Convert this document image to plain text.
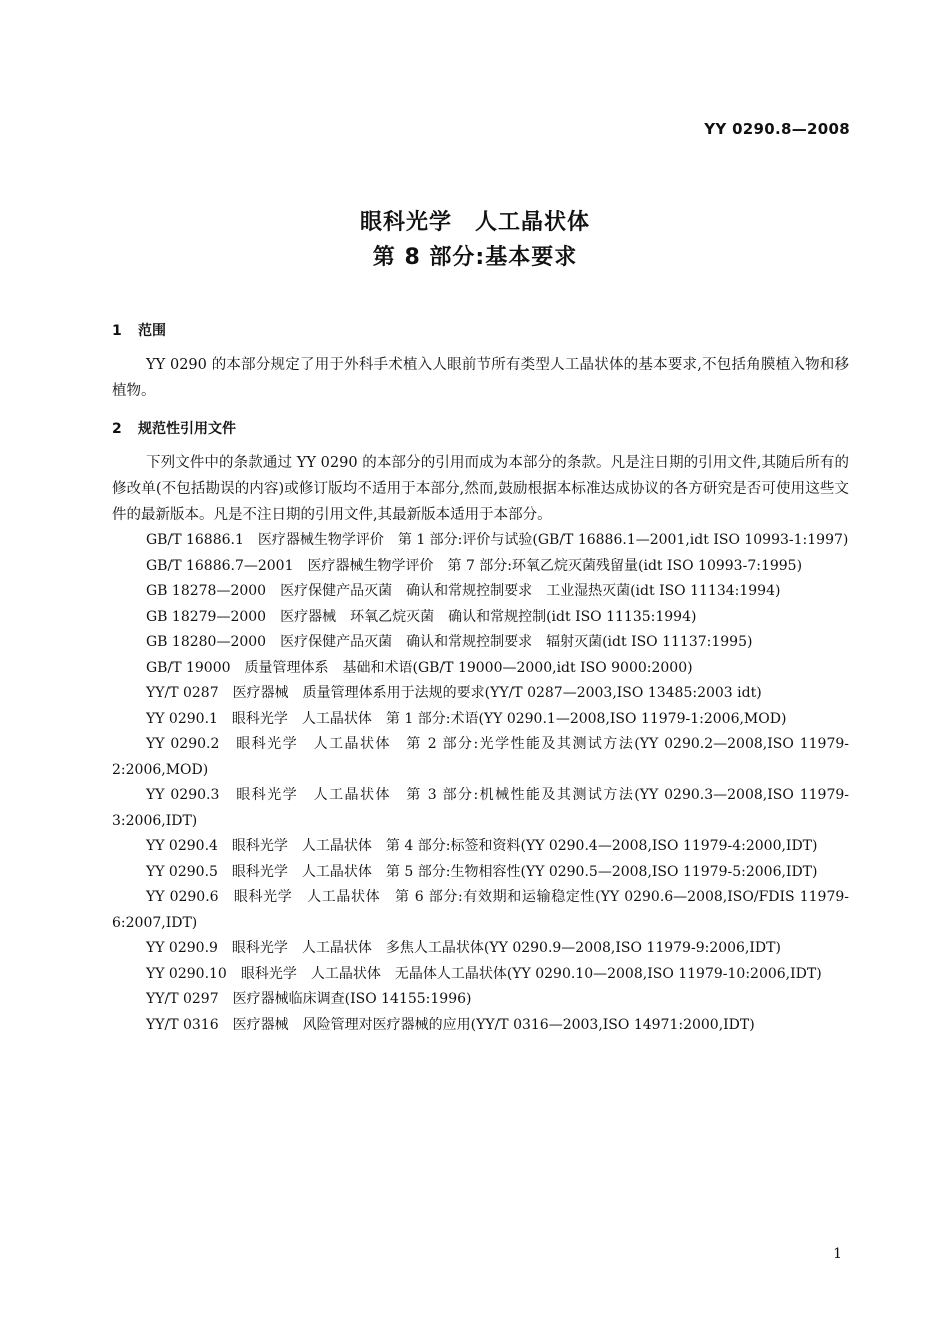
YY 0290.8—2008
眼科光学　人工晶状体
第 8 部分:基本要求
1 范围

YY 0290 的本部分规定了用于外科手术植入人眼前节所有类型人工晶状体的基本要求,不包括角膜植入物和移植物。

2 规范性引用文件

下列文件中的条款通过 YY 0290 的本部分的引用而成为本部分的条款。凡是注日期的引用文件,其随后所有的修改单(不包括勘误的内容)或修订版均不适用于本部分,然而,鼓励根据本标准达成协议的各方研究是否可使用这些文件的最新版本。凡是不注日期的引用文件,其最新版本适用于本部分。

GB/T 16886.1　医疗器械生物学评价　第 1 部分:评价与试验(GB/T 16886.1—2001,idt ISO 10993-1:1997)

GB/T 16886.7—2001　医疗器械生物学评价　第 7 部分:环氧乙烷灭菌残留量(idt ISO 10993-7:1995)

GB 18278—2000　医疗保健产品灭菌　确认和常规控制要求　工业湿热灭菌(idt ISO 11134:1994)

GB 18279—2000　医疗器械　环氧乙烷灭菌　确认和常规控制(idt ISO 11135:1994)

GB 18280—2000　医疗保健产品灭菌　确认和常规控制要求　辐射灭菌(idt ISO 11137:1995)

GB/T 19000　质量管理体系　基础和术语(GB/T 19000—2000,idt ISO 9000:2000)

YY/T 0287　医疗器械　质量管理体系用于法规的要求(YY/T 0287—2003,ISO 13485:2003 idt)

YY 0290.1　眼科光学　人工晶状体　第 1 部分:术语(YY 0290.1—2008,ISO 11979-1:2006,MOD)

YY 0290.2　眼科光学　人工晶状体　第 2 部分:光学性能及其测试方法(YY 0290.2—2008,ISO 11979-2:2006,MOD)

YY 0290.3　眼科光学　人工晶状体　第 3 部分:机械性能及其测试方法(YY 0290.3—2008,ISO 11979-3:2006,IDT)

YY 0290.4　眼科光学　人工晶状体　第 4 部分:标签和资料(YY 0290.4—2008,ISO 11979-4:2000,IDT)

YY 0290.5　眼科光学　人工晶状体　第 5 部分:生物相容性(YY 0290.5—2008,ISO 11979-5:2006,IDT)

YY 0290.6　眼科光学　人工晶状体　第 6 部分:有效期和运输稳定性(YY 0290.6—2008,ISO/FDIS 11979-6:2007,IDT)

YY 0290.9　眼科光学　人工晶状体　多焦人工晶状体(YY 0290.9—2008,ISO 11979-9:2006,IDT)

YY 0290.10　眼科光学　人工晶状体　无晶体人工晶状体(YY 0290.10—2008,ISO 11979-10:2006,IDT)

YY/T 0297　医疗器械临床调查(ISO 14155:1996)

YY/T 0316　医疗器械　风险管理对医疗器械的应用(YY/T 0316—2003,ISO 14971:2000,IDT)

1
